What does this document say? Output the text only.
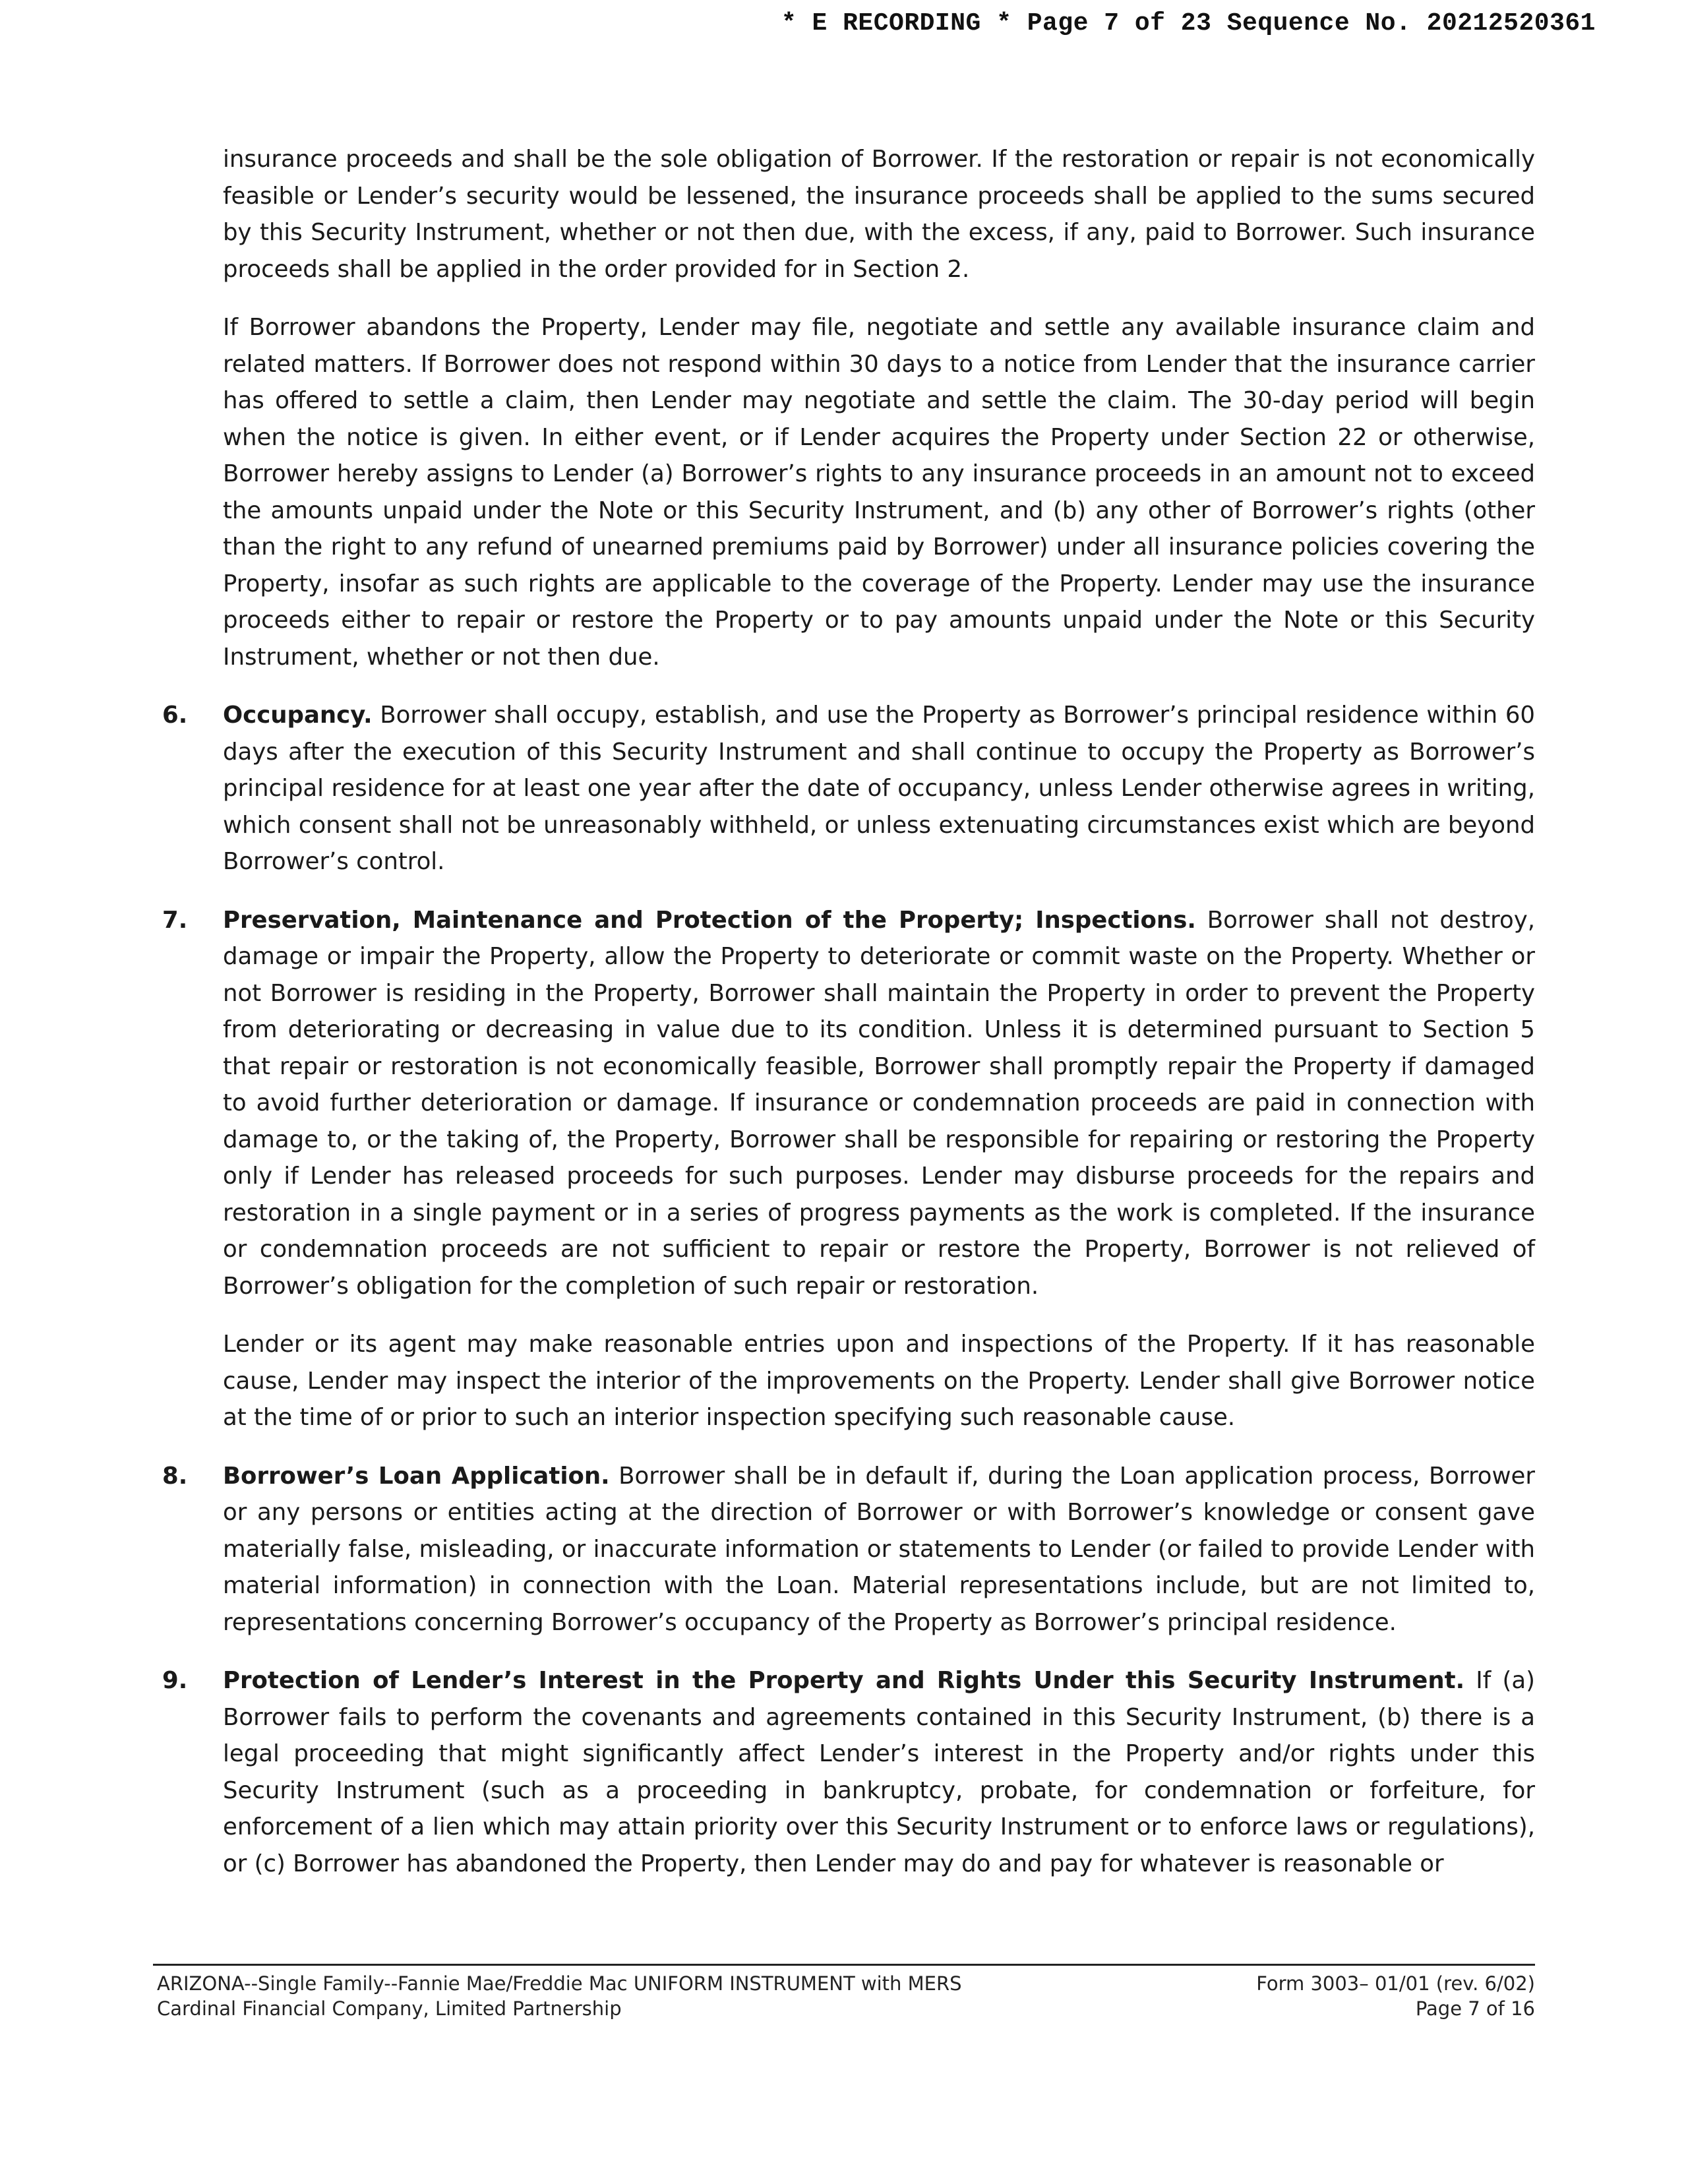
* E RECORDING * Page 7 of 23 Sequence No. 20212520361

insurance proceeds and shall be the sole obligation of Borrower. If the restoration or repair is not economically feasible or Lender’s security would be lessened, the insurance proceeds shall be applied to the sums secured by this Security Instrument, whether or not then due, with the excess, if any, paid to Borrower. Such insurance proceeds shall be applied in the order provided for in Section 2.

If Borrower abandons the Property, Lender may file, negotiate and settle any available insurance claim and related matters. If Borrower does not respond within 30 days to a notice from Lender that the insurance carrier has offered to settle a claim, then Lender may negotiate and settle the claim. The 30-day period will begin when the notice is given. In either event, or if Lender acquires the Property under Section 22 or otherwise, Borrower hereby assigns to Lender (a) Borrower’s rights to any insurance proceeds in an amount not to exceed the amounts unpaid under the Note or this Security Instrument, and (b) any other of Borrower’s rights (other than the right to any refund of unearned premiums paid by Borrower) under all insurance policies covering the Property, insofar as such rights are applicable to the coverage of the Property. Lender may use the insurance proceeds either to repair or restore the Property or to pay amounts unpaid under the Note or this Security Instrument, whether or not then due.

6. Occupancy. Borrower shall occupy, establish, and use the Property as Borrower’s principal residence within 60 days after the execution of this Security Instrument and shall continue to occupy the Property as Borrower’s principal residence for at least one year after the date of occupancy, unless Lender otherwise agrees in writing, which consent shall not be unreasonably withheld, or unless extenuating circumstances exist which are beyond Borrower’s control.

7. Preservation, Maintenance and Protection of the Property; Inspections. Borrower shall not destroy, damage or impair the Property, allow the Property to deteriorate or commit waste on the Property. Whether or not Borrower is residing in the Property, Borrower shall maintain the Property in order to prevent the Property from deteriorating or decreasing in value due to its condition. Unless it is determined pursuant to Section 5 that repair or restoration is not economically feasible, Borrower shall promptly repair the Property if damaged to avoid further deterioration or damage. If insurance or condemnation proceeds are paid in connection with damage to, or the taking of, the Property, Borrower shall be responsible for repairing or restoring the Property only if Lender has released proceeds for such purposes. Lender may disburse proceeds for the repairs and restoration in a single payment or in a series of progress payments as the work is completed. If the insurance or condemnation proceeds are not sufficient to repair or restore the Property, Borrower is not relieved of Borrower’s obligation for the completion of such repair or restoration.

Lender or its agent may make reasonable entries upon and inspections of the Property. If it has reasonable cause, Lender may inspect the interior of the improvements on the Property. Lender shall give Borrower notice at the time of or prior to such an interior inspection specifying such reasonable cause.

8. Borrower’s Loan Application. Borrower shall be in default if, during the Loan application process, Borrower or any persons or entities acting at the direction of Borrower or with Borrower’s knowledge or consent gave materially false, misleading, or inaccurate information or statements to Lender (or failed to provide Lender with material information) in connection with the Loan. Material representations include, but are not limited to, representations concerning Borrower’s occupancy of the Property as Borrower’s principal residence.

9. Protection of Lender’s Interest in the Property and Rights Under this Security Instrument. If (a) Borrower fails to perform the covenants and agreements contained in this Security Instrument, (b) there is a legal proceeding that might significantly affect Lender’s interest in the Property and/or rights under this Security Instrument (such as a proceeding in bankruptcy, probate, for condemnation or forfeiture, for enforcement of a lien which may attain priority over this Security Instrument or to enforce laws or regulations), or (c) Borrower has abandoned the Property, then Lender may do and pay for whatever is reasonable or

ARIZONA--Single Family--Fannie Mae/Freddie Mac UNIFORM INSTRUMENT with MERS
Cardinal Financial Company, Limited Partnership
Form 3003– 01/01 (rev. 6/02)
Page 7 of 16
